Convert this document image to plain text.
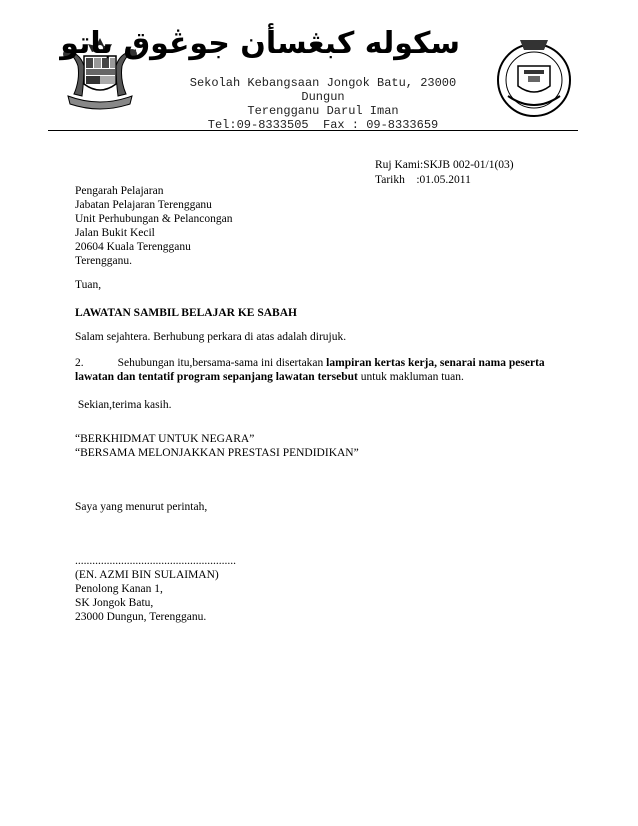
سکوله کبڠسأن جوڠوق باتو
Sekolah Kebangsaan Jongok Batu, 23000
Dungun
Terengganu Darul Iman
Tel:09-8333505  Fax : 09-8333659
Ruj Kami:SKJB 002-01/1(03)
Tarikh    :01.05.2011
Pengarah Pelajaran
Jabatan Pelajaran Terengganu
Unit Perhubungan & Pelancongan
Jalan Bukit Kecil
20604 Kuala Terengganu
Terengganu.
Tuan,
LAWATAN SAMBIL BELAJAR KE SABAH
Salam sejahtera. Berhubung perkara di atas adalah dirujuk.
2.	Sehubungan itu,bersama-sama ini disertakan lampiran kertas kerja, senarai nama peserta
lawatan dan tentatif program sepanjang lawatan tersebut untuk makluman tuan.
Sekian,terima kasih.
“BERKHIDMAT UNTUK NEGARA”
“BERSAMA MELONJAKKAN PRESTASI PENDIDIKAN”
Saya yang menurut perintah,
........................................................
(EN. AZMI BIN SULAIMAN)
Penolong Kanan 1,
SK Jongok Batu,
23000 Dungun, Terengganu.
